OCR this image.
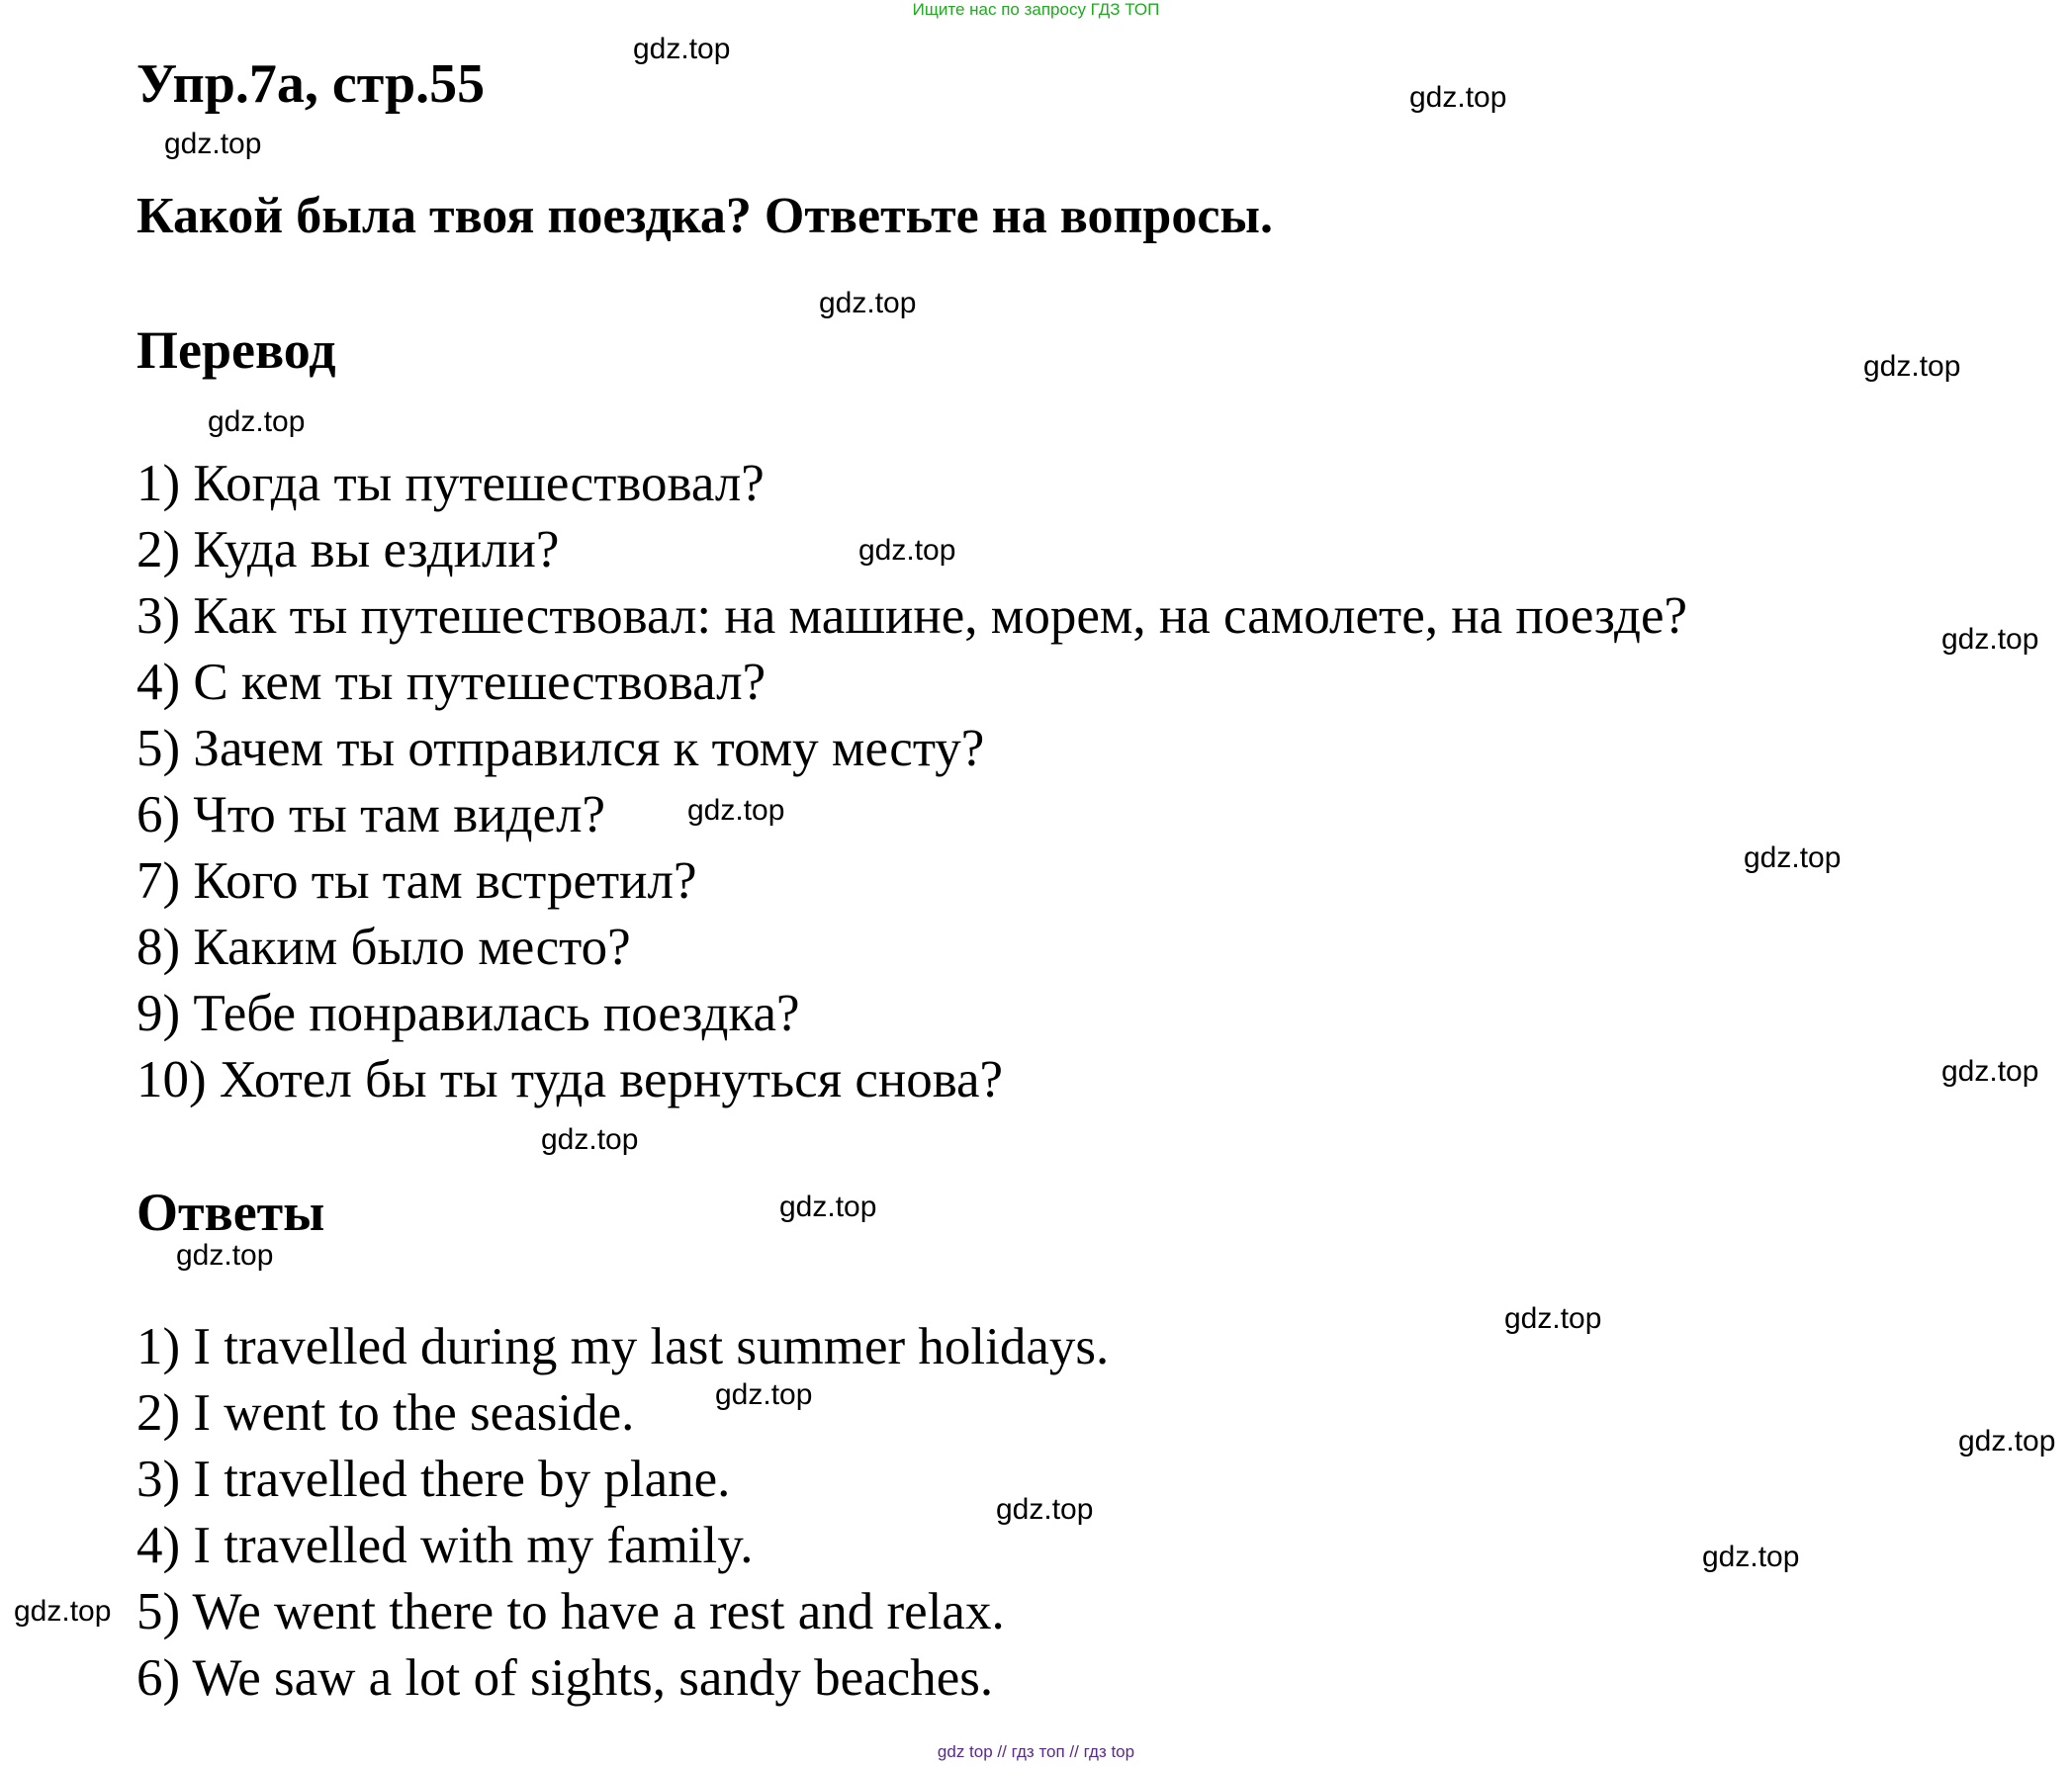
Ищите нас по запросу ГДЗ ТОП
Упр.7а, стр.55
Какой была твоя поездка? Ответьте на вопросы.
Перевод
1) Когда ты путешествовал?
2) Куда вы ездили?
3) Как ты путешествовал: на машине, морем, на самолете, на поезде?
4) С кем ты путешествовал?
5) Зачем ты отправился к тому месту?
6) Что ты там видел?
7) Кого ты там встретил?
8) Каким было место?
9) Тебе понравилась поездка?
10) Хотел бы ты туда вернуться снова?
Ответы
1) I travelled during my last summer holidays.
2) I went to the seaside.
3) I travelled there by plane.
4) I travelled with my family.
5) We went there to have a rest and relax.
6) We saw a lot of sights, sandy beaches.
gdz.top
gdz.top
gdz.top
gdz.top
gdz.top
gdz.top
gdz.top
gdz.top
gdz.top
gdz.top
gdz.top
gdz.top
gdz.top
gdz.top
gdz.top
gdz.top
gdz.top
gdz.top
gdz.top
gdz.top
gdz top // гдз топ // гдз top
